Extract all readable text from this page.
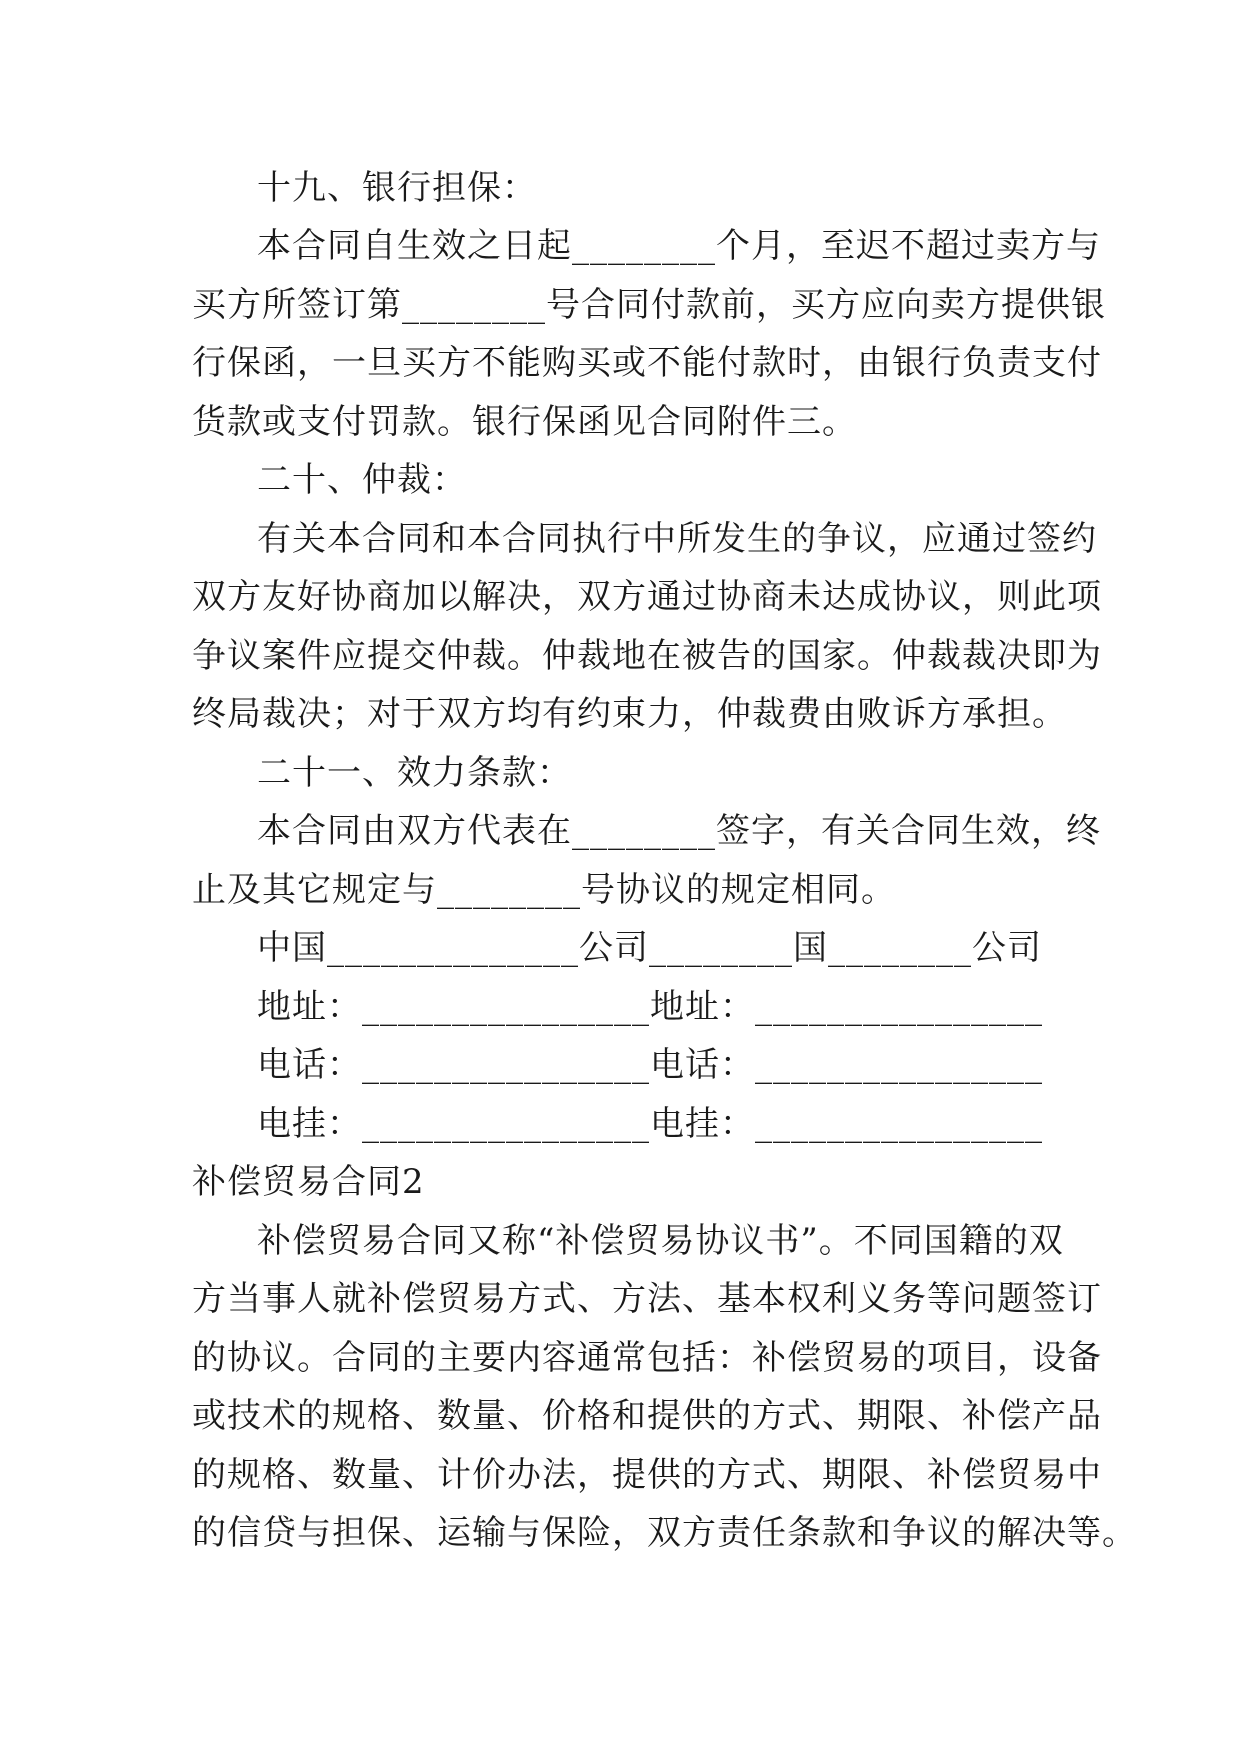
十九、银行担保：
本合同自生效之日起________个月，至迟不超过卖方与
买方所签订第________号合同付款前，买方应向卖方提供银
行保函，一旦买方不能购买或不能付款时，由银行负责支付
货款或支付罚款。银行保函见合同附件三。
二十、仲裁：
有关本合同和本合同执行中所发生的争议，应通过签约
双方友好协商加以解决，双方通过协商未达成协议，则此项
争议案件应提交仲裁。仲裁地在被告的国家。仲裁裁决即为
终局裁决；对于双方均有约束力，仲裁费由败诉方承担。
二十一、效力条款：
本合同由双方代表在________签字，有关合同生效，终
止及其它规定与________号协议的规定相同。
中国______________公司________国________公司
地址：________________地址：________________
电话：________________电话：________________
电挂：________________电挂：________________
补偿贸易合同2
补偿贸易合同又称“补偿贸易协议书”。不同国籍的双
方当事人就补偿贸易方式、方法、基本权利义务等问题签订
的协议。合同的主要内容通常包括：补偿贸易的项目，设备
或技术的规格、数量、价格和提供的方式、期限、补偿产品
的规格、数量、计价办法，提供的方式、期限、补偿贸易中
的信贷与担保、运输与保险，双方责任条款和争议的解决等。
